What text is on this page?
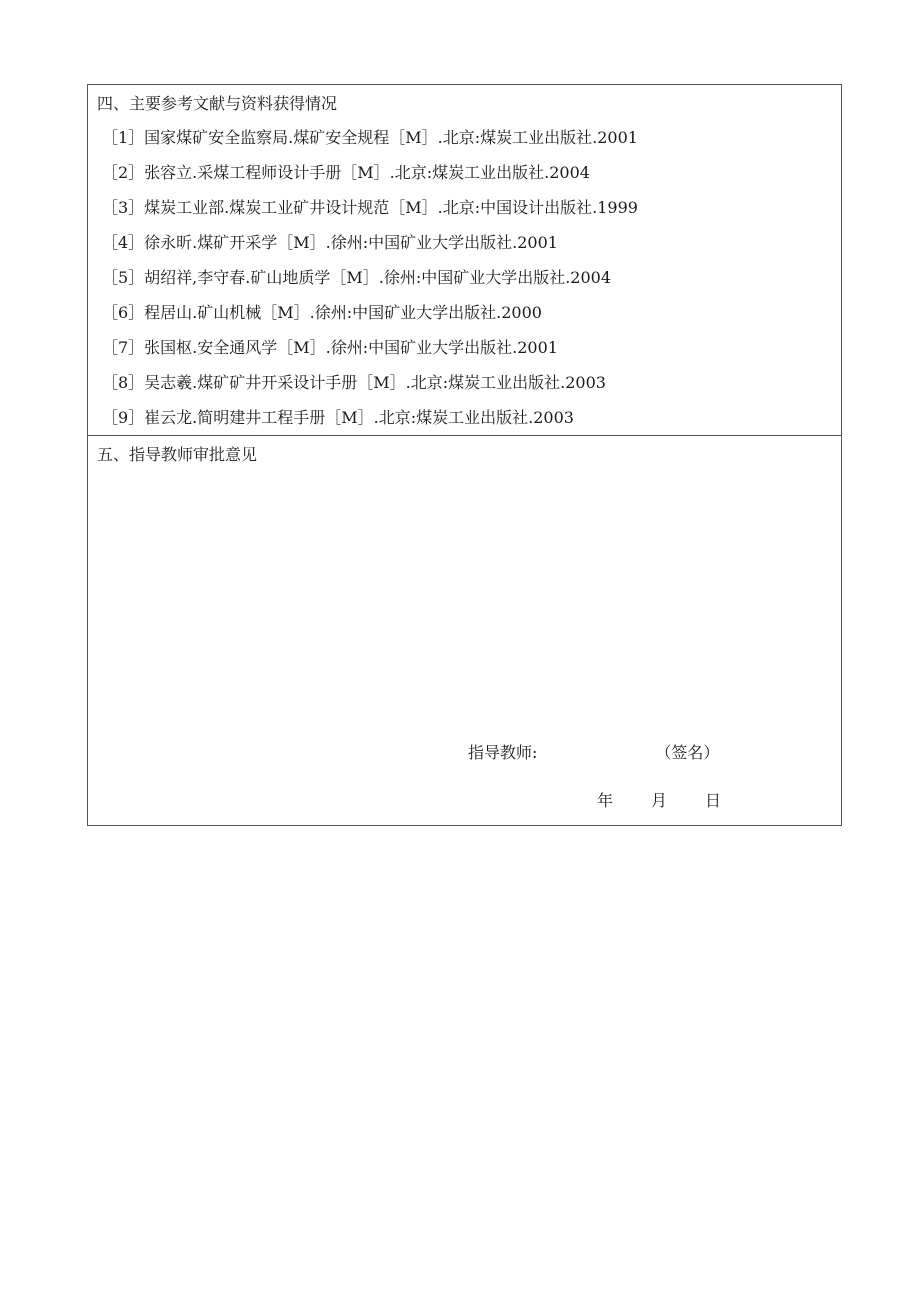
四、主要参考文献与资料获得情况
［1］国家煤矿安全监察局.煤矿安全规程［M］.北京:煤炭工业出版社.2001
［2］张容立.采煤工程师设计手册［M］.北京:煤炭工业出版社.2004
［3］煤炭工业部.煤炭工业矿井设计规范［M］.北京:中国设计出版社.1999
［4］徐永昕.煤矿开采学［M］.徐州:中国矿业大学出版社.2001
［5］胡绍祥,李守春.矿山地质学［M］.徐州:中国矿业大学出版社.2004
［6］程居山.矿山机械［M］.徐州:中国矿业大学出版社.2000
［7］张国枢.安全通风学［M］.徐州:中国矿业大学出版社.2001
［8］吴志羲.煤矿矿井开采设计手册［M］.北京:煤炭工业出版社.2003
［9］崔云龙.简明建井工程手册［M］.北京:煤炭工业出版社.2003
五、指导教师审批意见
指导教师:	（签名）
年 月 日
